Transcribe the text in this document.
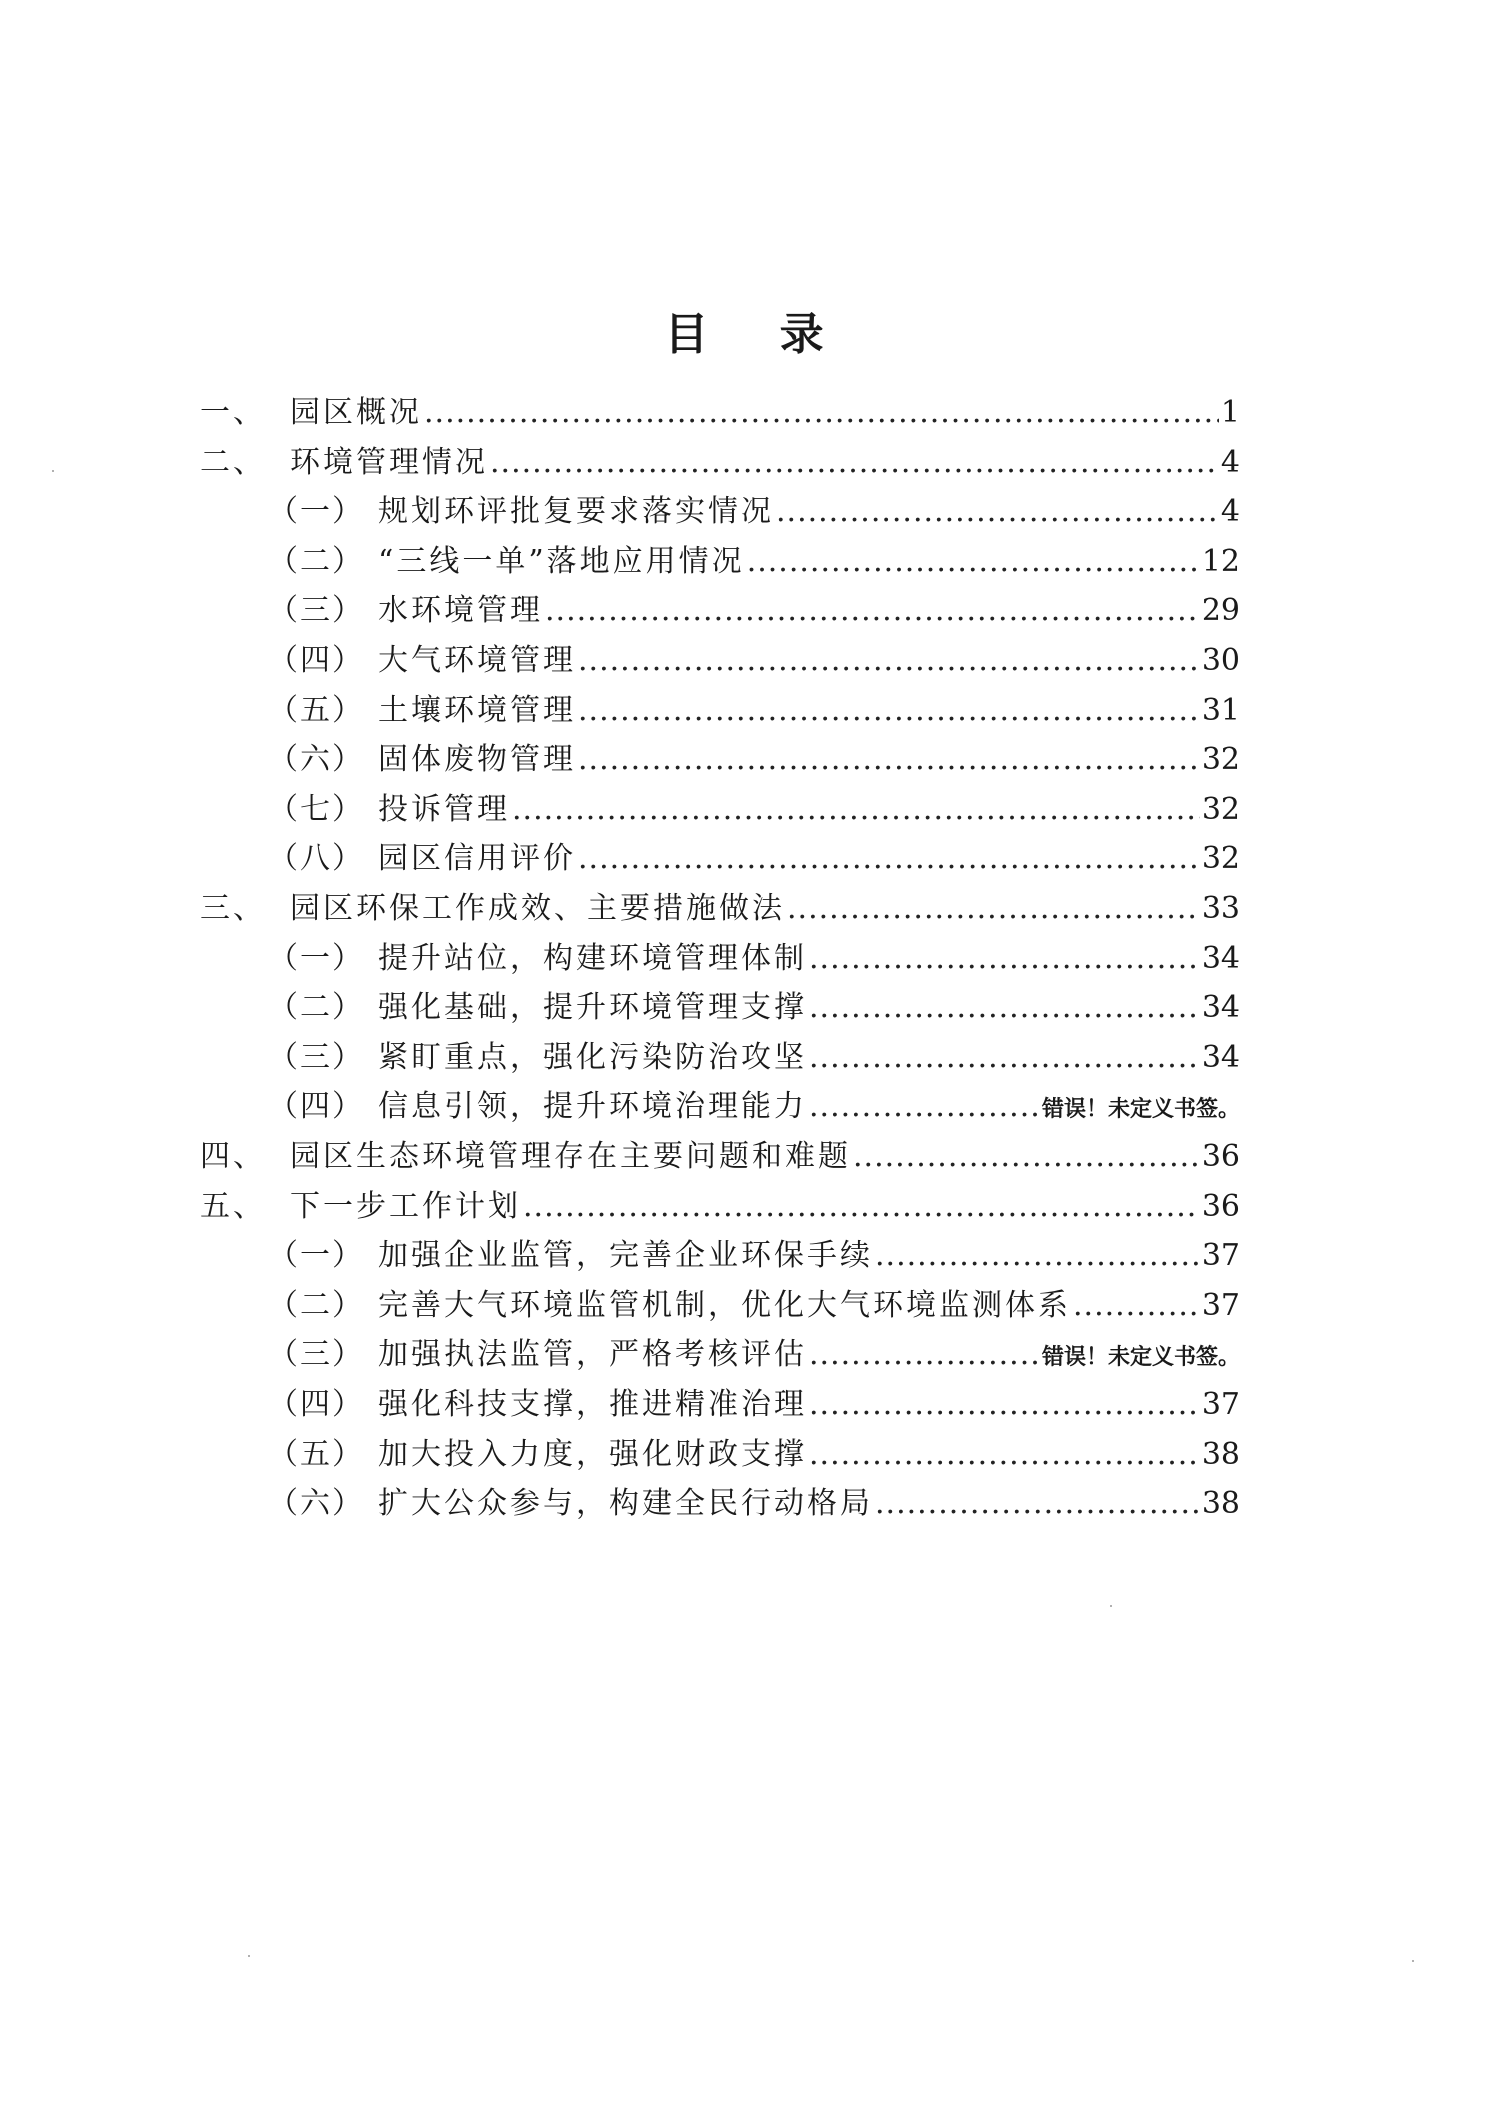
目 录
一、 园区概况 .....	1
二、 环境管理情况 .....	4
（一） 规划环评批复要求落实情况 .....	4
（二） “三线一单”落地应用情况 .....	12
（三） 水环境管理 .....	29
（四） 大气环境管理 .....	30
（五） 土壤环境管理 .....	31
（六） 固体废物管理 .....	32
（七） 投诉管理 .....	32
（八） 园区信用评价 .....	32
三、 园区环保工作成效、主要措施做法 .....	33
（一） 提升站位，构建环境管理体制 .....	34
（二） 强化基础，提升环境管理支撑 .....	34
（三） 紧盯重点，强化污染防治攻坚 .....	34
（四） 信息引领，提升环境治理能力 .....	错误！未定义书签。
四、 园区生态环境管理存在主要问题和难题 .....	36
五、 下一步工作计划 .....	36
（一） 加强企业监管，完善企业环保手续 .....	37
（二） 完善大气环境监管机制，优化大气环境监测体系 .....	37
（三） 加强执法监管，严格考核评估 .....	错误！未定义书签。
（四） 强化科技支撑，推进精准治理 .....	37
（五） 加大投入力度，强化财政支撑 .....	38
（六） 扩大公众参与，构建全民行动格局 .....	38
